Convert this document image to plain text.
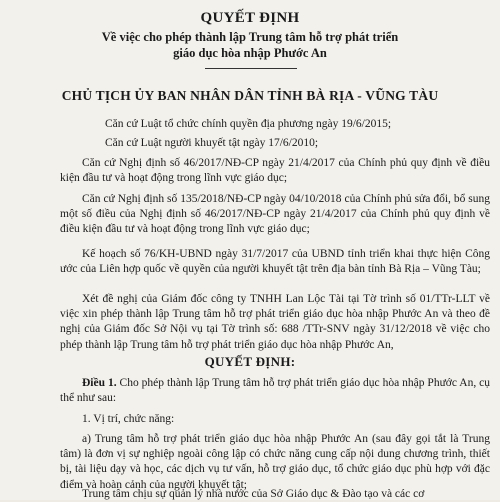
QUYẾT ĐỊNH
Về việc cho phép thành lập Trung tâm hỗ trợ phát triển
giáo dục hòa nhập Phước An
CHỦ TỊCH ỦY BAN NHÂN DÂN TỈNH BÀ RỊA - VŨNG TÀU
Căn cứ Luật tổ chức chính quyền địa phương ngày 19/6/2015;
Căn cứ Luật người khuyết tật ngày 17/6/2010;
Căn cứ Nghị định số 46/2017/NĐ-CP ngày 21/4/2017 của Chính phủ quy định về điều kiện đầu tư và hoạt động trong lĩnh vực giáo dục;
Căn cứ Nghị định số 135/2018/NĐ-CP ngày 04/10/2018 của Chính phủ sửa đổi, bổ sung một số điều của Nghị định số 46/2017/NĐ-CP ngày 21/4/2017 của Chính phủ quy định về điều kiện đầu tư và hoạt động trong lĩnh vực giáo dục;
Kế hoạch số 76/KH-UBND ngày 31/7/2017 của UBND tỉnh triển khai thực hiện Công ước của Liên hợp quốc về quyền của người khuyết tật trên địa bàn tỉnh Bà Rịa – Vũng Tàu;
Xét đề nghị của Giám đốc công ty TNHH Lan Lộc Tài tại Tờ trình số 01/TTr-LLT về việc xin phép thành lập Trung tâm hỗ trợ phát triển giáo dục hòa nhập Phước An và theo đề nghị của Giám đốc Sở Nội vụ tại Tờ trình số: 688 /TTr-SNV ngày 31/12/2018 về việc cho phép thành lập Trung tâm hỗ trợ phát triển giáo dục hòa nhập Phước An,
QUYẾT ĐỊNH:
Điều 1. Cho phép thành lập Trung tâm hỗ trợ phát triển giáo dục hòa nhập Phước An, cụ thể như sau:
1. Vị trí, chức năng:
a) Trung tâm hỗ trợ phát triển giáo dục hòa nhập Phước An (sau đây gọi tắt là Trung tâm) là đơn vị sự nghiệp ngoài công lập có chức năng cung cấp nội dung chương trình, thiết bị, tài liệu dạy và học, các dịch vụ tư vấn, hỗ trợ giáo dục, tổ chức giáo dục phù hợp với đặc điểm và hoàn cảnh của người khuyết tật;
Trung tâm chịu sự quản lý nhà nước của Sở Giáo dục & Đào tạo và các cơ
